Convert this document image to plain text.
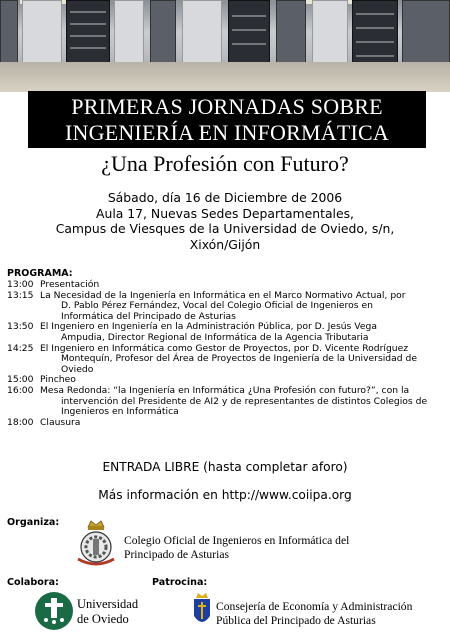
PRIMERAS JORNADAS SOBRE
INGENIERÍA EN INFORMÁTICA
¿Una Profesión con Futuro?
Sábado, día 16 de Diciembre de 2006
Aula 17, Nuevas Sedes Departamentales,
Campus de Viesques de la Universidad de Oviedo, s/n,
Xixón/Gijón
PROGRAMA:
13:00 Presentación
13:15 La Necesidad de la Ingeniería en Informática en el Marco Normativo Actual, por
D. Pablo Pérez Fernández, Vocal del Colegio Oficial de Ingenieros en
Informática del Principado de Asturias
13:50 El Ingeniero en Ingeniería en la Administración Pública, por D. Jesús Vega
Ampudia, Director Regional de Informática de la Agencia Tributaria
14:25 El Ingeniero en Informática como Gestor de Proyectos, por D. Vicente Rodríguez
Montequín, Profesor del Área de Proyectos de Ingeniería de la Universidad de
Oviedo
15:00 Pincheo
16:00 Mesa Redonda: “la Ingeniería en Informática ¿Una Profesión con futuro?”, con la
intervención del Presidente de AI2 y de representantes de distintos Colegios de
Ingenieros en Informática
18:00 Clausura
ENTRADA LIBRE (hasta completar aforo)
Más información en http://www.coiipa.org
Organiza:
Colegio Oficial de Ingenieros en Informática del
Principado de Asturias
Colabora:
Universidad
de Oviedo
Patrocina:
Consejería de Economía y Administración
Pública del Principado de Asturias
